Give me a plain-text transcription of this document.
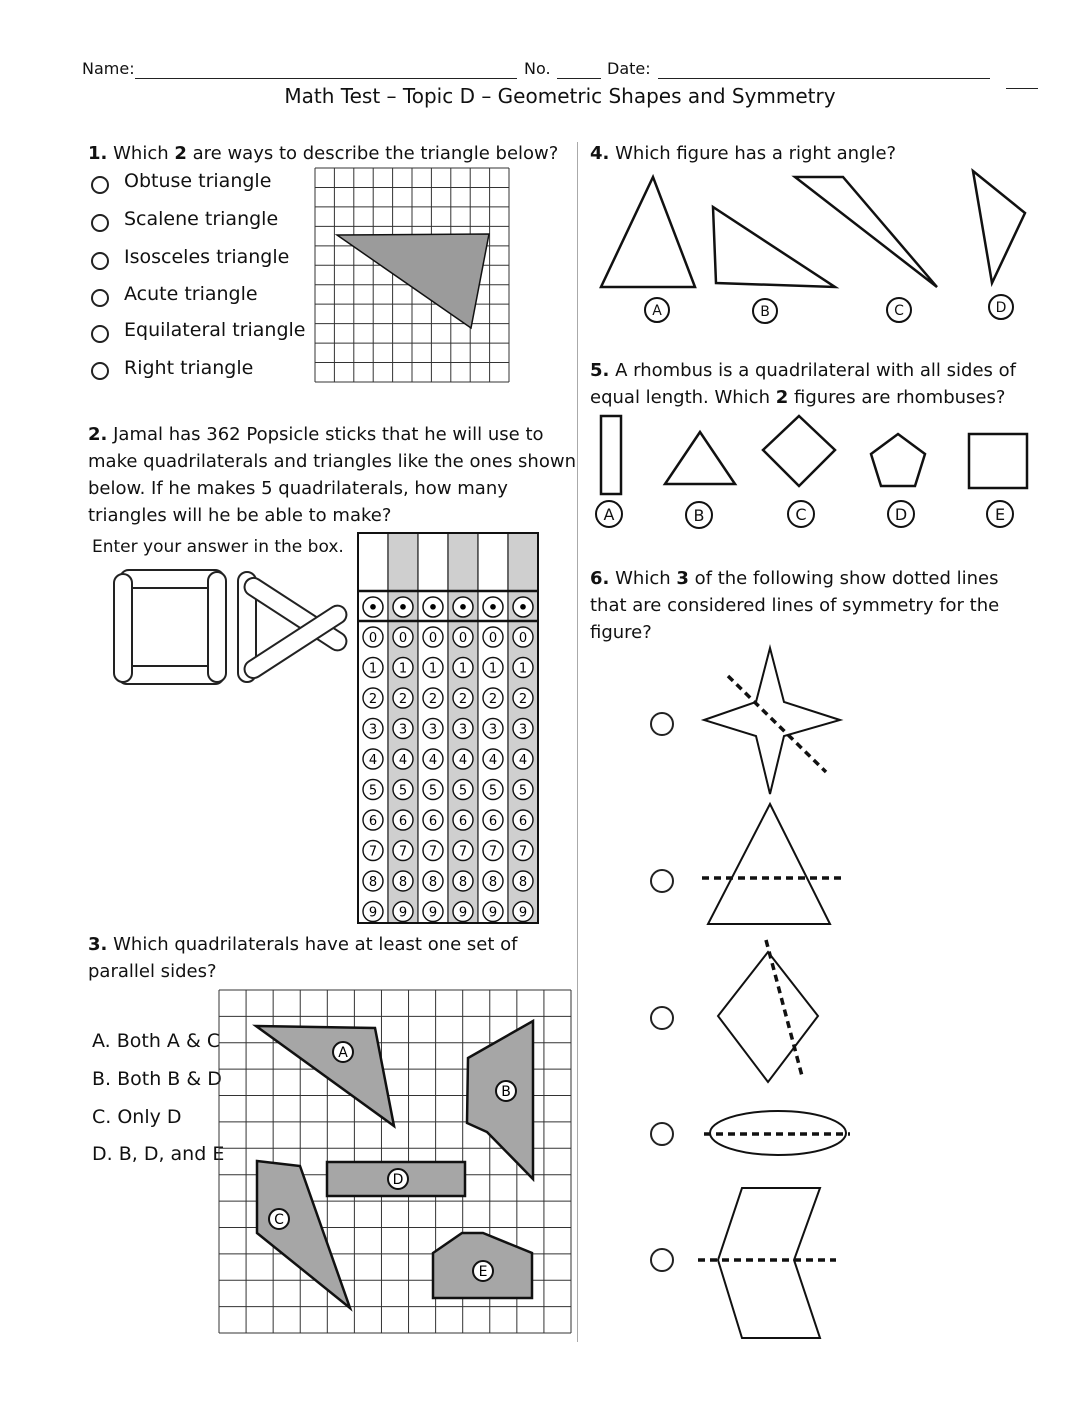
Name:	No.	Date:
Math Test – Topic D – Geometric Shapes and Symmetry
1. Which 2 are ways to describe the triangle below?
Obtuse triangle
Scalene triangle
Isosceles triangle
Acute triangle
Equilateral triangle
Right triangle
2. Jamal has 362 Popsicle sticks that he will use to
make quadrilaterals and triangles like the ones shown
below. If he makes 5 quadrilaterals, how many
triangles will he be able to make?
Enter your answer in the box.
• • • • • •
0 0 0 0 0 0
1 1 1 1 1 1
2 2 2 2 2 2
3 3 3 3 3 3
4 4 4 4 4 4
5 5 5 5 5 5
6 6 6 6 6 6
7 7 7 7 7 7
8 8 8 8 8 8
9 9 9 9 9 9
3. Which quadrilaterals have at least one set of
parallel sides?
A. Both A & C
B. Both B & D
C. Only D
D. B, D, and E
A
B
C
D
E
4. Which figure has a right angle?
A	B	C	D
5. A rhombus is a quadrilateral with all sides of
equal length. Which 2 figures are rhombuses?
A	B	C	D	E
6. Which 3 of the following show dotted lines
that are considered lines of symmetry for the
figure?
